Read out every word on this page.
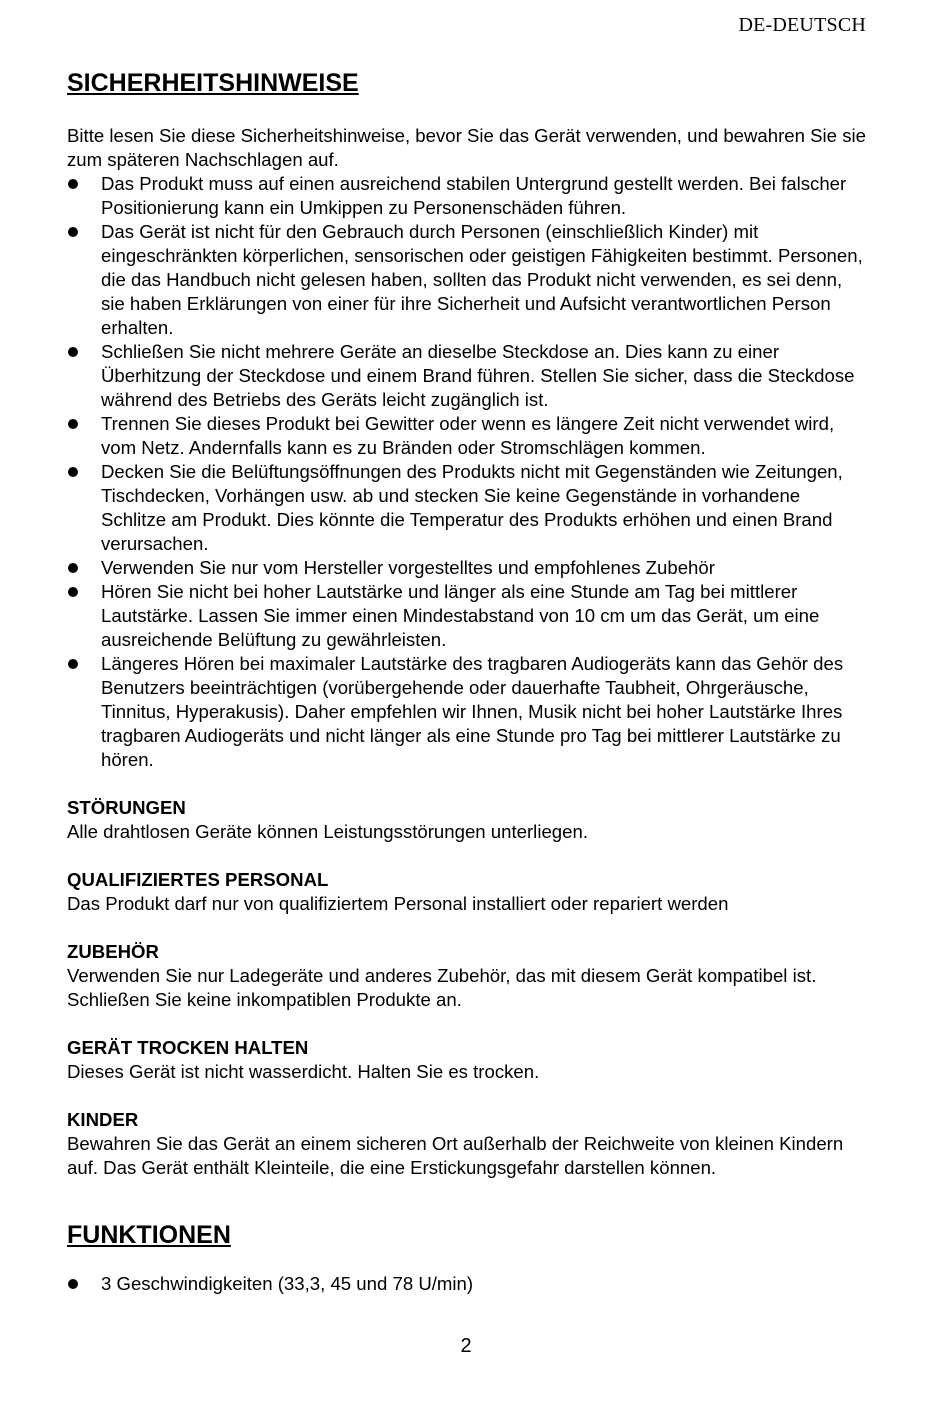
DE-DEUTSCH
SICHERHEITSHINWEISE
Bitte lesen Sie diese Sicherheitshinweise, bevor Sie das Gerät verwenden, und bewahren Sie sie zum späteren Nachschlagen auf.
Das Produkt muss auf einen ausreichend stabilen Untergrund gestellt werden. Bei falscher Positionierung kann ein Umkippen zu Personenschäden führen.
Das Gerät ist nicht für den Gebrauch durch Personen (einschließlich Kinder) mit eingeschränkten körperlichen, sensorischen oder geistigen Fähigkeiten bestimmt. Personen, die das Handbuch nicht gelesen haben, sollten das Produkt nicht verwenden, es sei denn, sie haben Erklärungen von einer für ihre Sicherheit und Aufsicht verantwortlichen Person erhalten.
Schließen Sie nicht mehrere Geräte an dieselbe Steckdose an. Dies kann zu einer Überhitzung der Steckdose und einem Brand führen. Stellen Sie sicher, dass die Steckdose während des Betriebs des Geräts leicht zugänglich ist.
Trennen Sie dieses Produkt bei Gewitter oder wenn es längere Zeit nicht verwendet wird, vom Netz. Andernfalls kann es zu Bränden oder Stromschlägen kommen.
Decken Sie die Belüftungsöffnungen des Produkts nicht mit Gegenständen wie Zeitungen, Tischdecken, Vorhängen usw. ab und stecken Sie keine Gegenstände in vorhandene Schlitze am Produkt. Dies könnte die Temperatur des Produkts erhöhen und einen Brand verursachen.
Verwenden Sie nur vom Hersteller vorgestelltes und empfohlenes Zubehör
Hören Sie nicht bei hoher Lautstärke und länger als eine Stunde am Tag bei mittlerer Lautstärke. Lassen Sie immer einen Mindestabstand von 10 cm um das Gerät, um eine ausreichende Belüftung zu gewährleisten.
Längeres Hören bei maximaler Lautstärke des tragbaren Audiogeräts kann das Gehör des Benutzers beeinträchtigen (vorübergehende oder dauerhafte Taubheit, Ohrgeräusche, Tinnitus, Hyperakusis). Daher empfehlen wir Ihnen, Musik nicht bei hoher Lautstärke Ihres tragbaren Audiogeräts und nicht länger als eine Stunde pro Tag bei mittlerer Lautstärke zu hören.
STÖRUNGEN
Alle drahtlosen Geräte können Leistungsstörungen unterliegen.
QUALIFIZIERTES PERSONAL
Das Produkt darf nur von qualifiziertem Personal installiert oder repariert werden
ZUBEHÖR
Verwenden Sie nur Ladegeräte und anderes Zubehör, das mit diesem Gerät kompatibel ist. Schließen Sie keine inkompatiblen Produkte an.
GERÄT TROCKEN HALTEN
Dieses Gerät ist nicht wasserdicht. Halten Sie es trocken.
KINDER
Bewahren Sie das Gerät an einem sicheren Ort außerhalb der Reichweite von kleinen Kindern auf. Das Gerät enthält Kleinteile, die eine Erstickungsgefahr darstellen können.
FUNKTIONEN
3 Geschwindigkeiten (33,3, 45 und 78 U/min)
2
